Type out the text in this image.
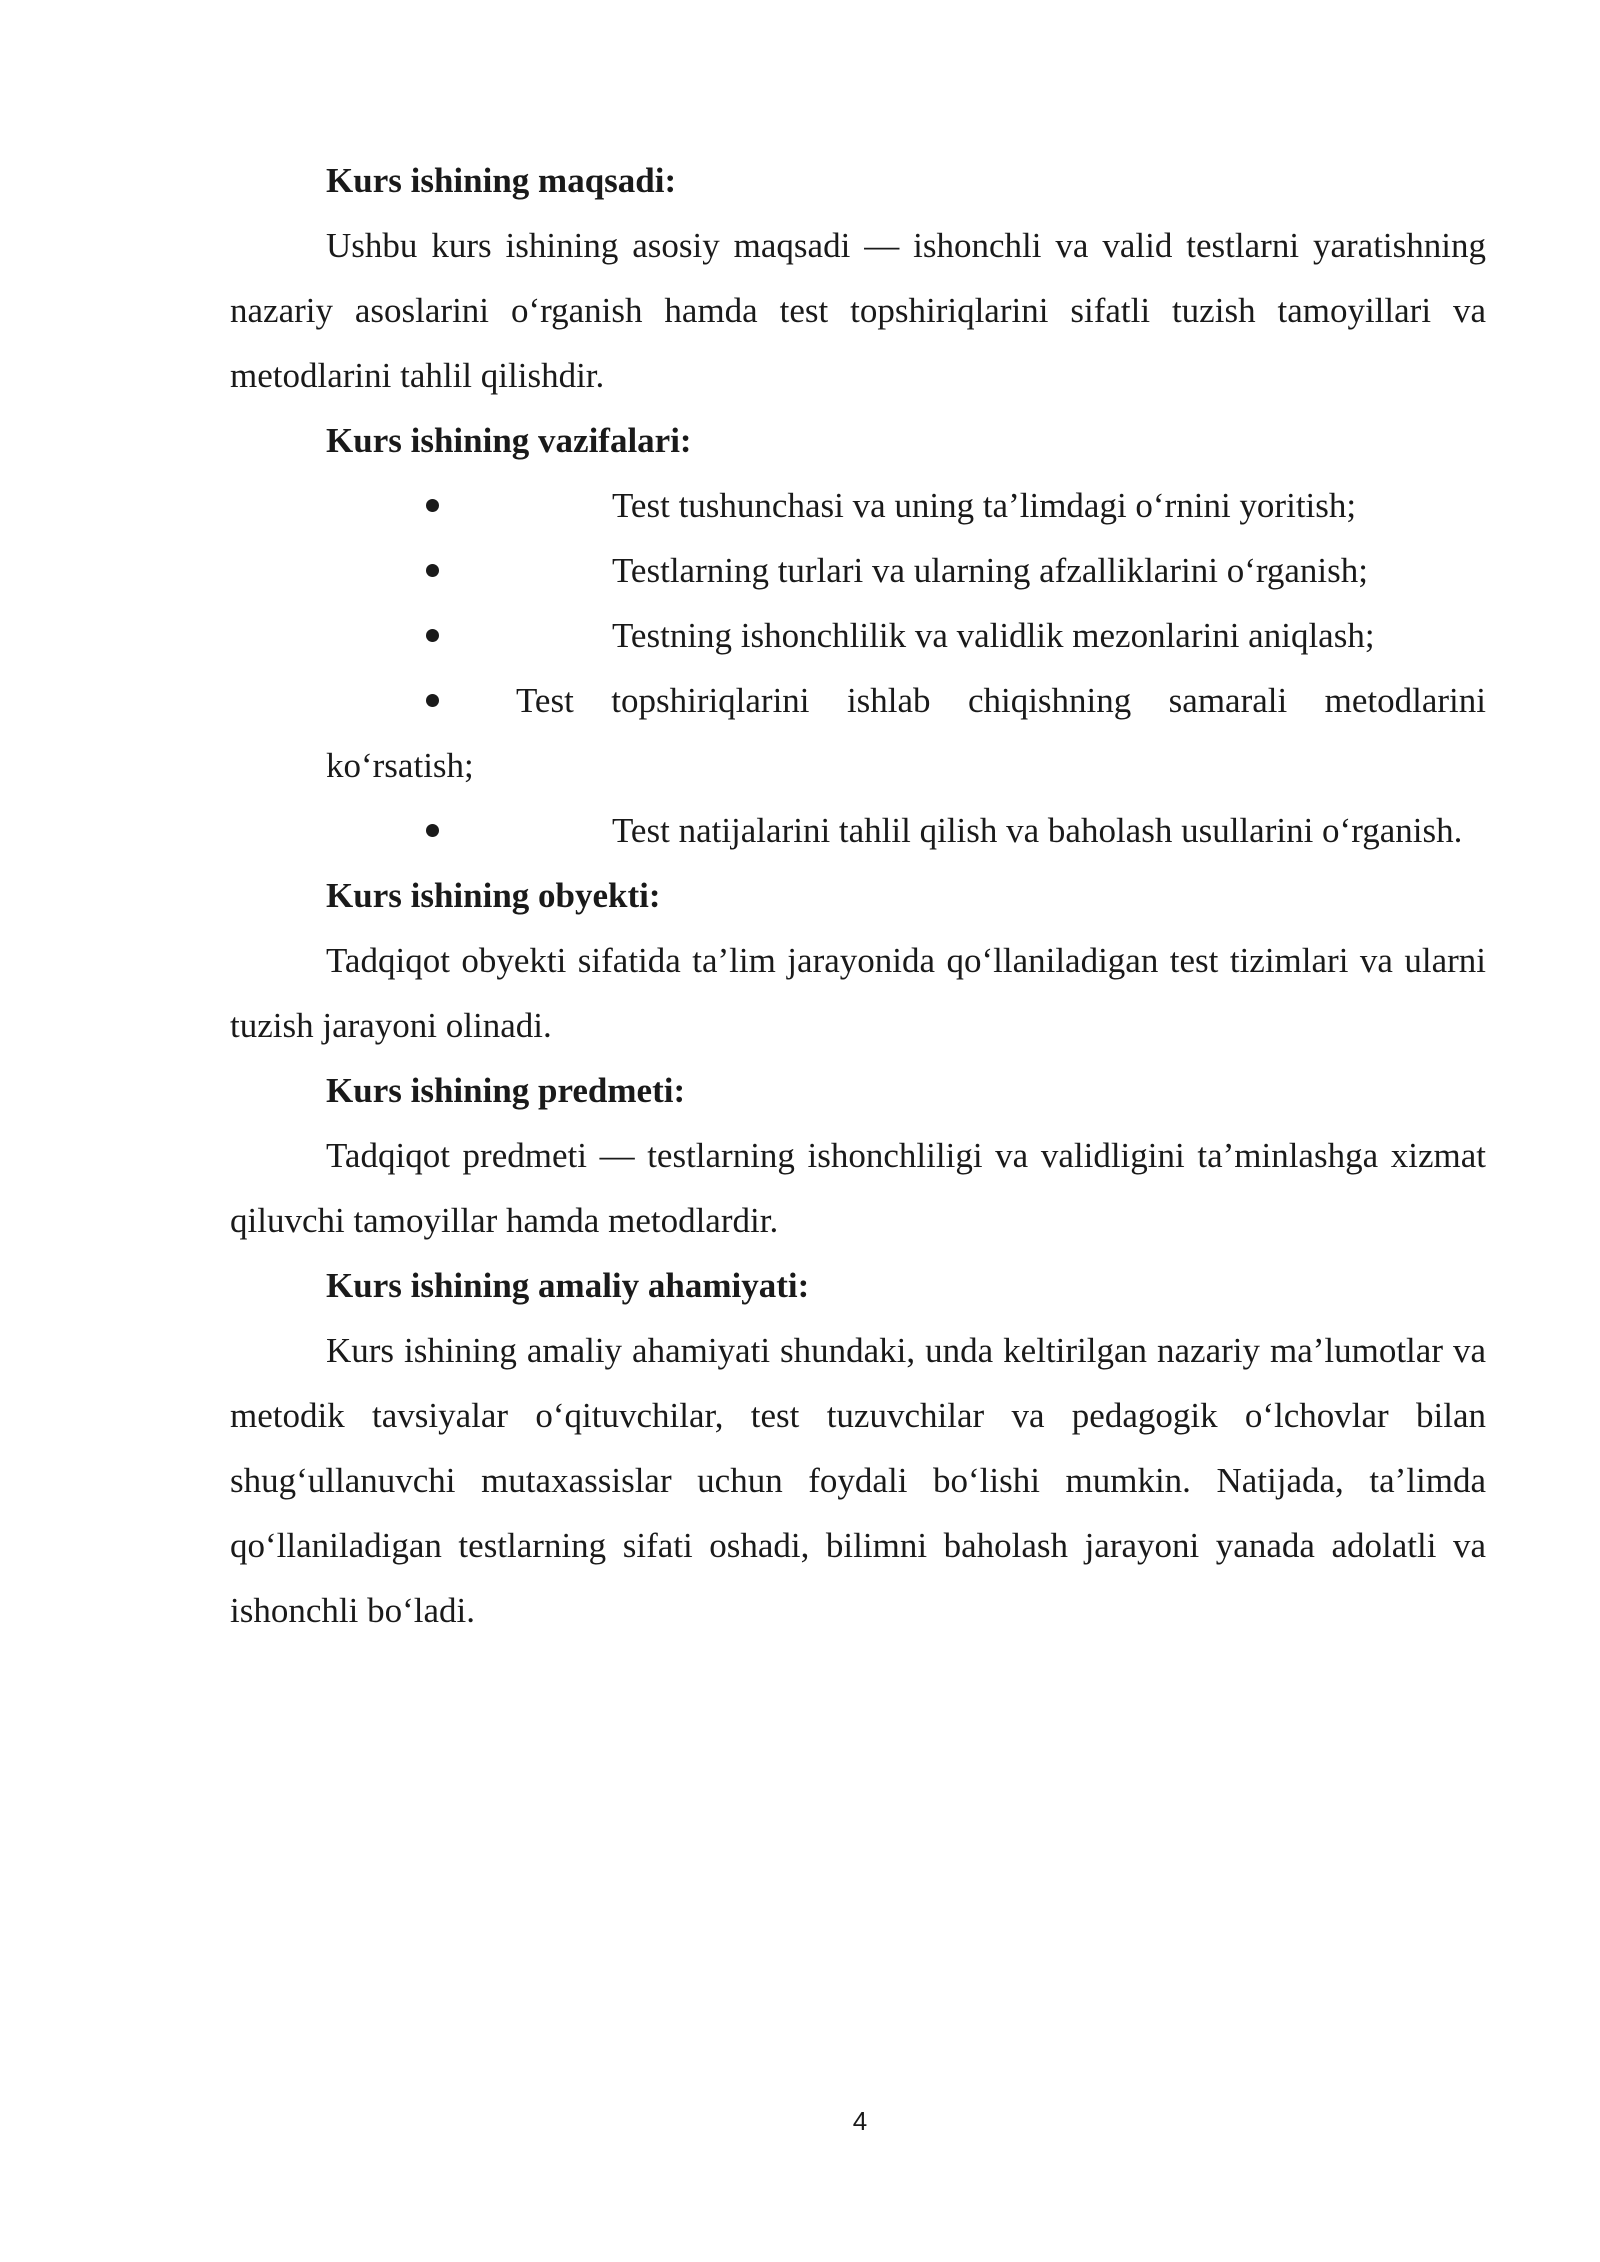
Kurs ishining maqsadi:

Ushbu kurs ishining asosiy maqsadi — ishonchli va valid testlarni yaratishning nazariy asoslarini o‘rganish hamda test topshiriqlarini sifatli tuzish tamoyillari va metodlarini tahlil qilishdir.

Kurs ishining vazifalari:
Test tushunchasi va uning ta’limdagi o‘rnini yoritish;
Testlarning turlari va ularning afzalliklarini o‘rganish;
Testning ishonchlilik va validlik mezonlarini aniqlash;
Test topshiriqlarini ishlab chiqishning samarali metodlarini ko‘rsatish;
Test natijalarini tahlil qilish va baholash usullarini o‘rganish.
Kurs ishining obyekti:

Tadqiqot obyekti sifatida ta’lim jarayonida qo‘llaniladigan test tizimlari va ularni tuzish jarayoni olinadi.

Kurs ishining predmeti:

Tadqiqot predmeti — testlarning ishonchliligi va validligini ta’minlashga xizmat qiluvchi tamoyillar hamda metodlardir.

Kurs ishining amaliy ahamiyati:

Kurs ishining amaliy ahamiyati shundaki, unda keltirilgan nazariy ma’lumotlar va metodik tavsiyalar o‘qituvchilar, test tuzuvchilar va pedagogik o‘lchovlar bilan shug‘ullanuvchi mutaxassislar uchun foydali bo‘lishi mumkin. Natijada, ta’limda qo‘llaniladigan testlarning sifati oshadi, bilimni baholash jarayoni yanada adolatli va ishonchli bo‘ladi.

4
